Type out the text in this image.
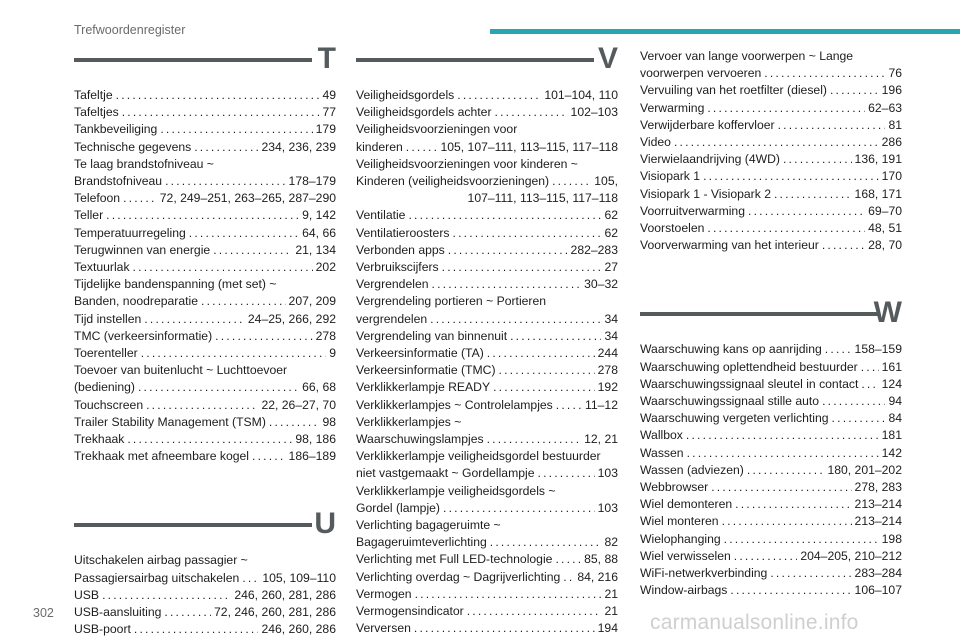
Trefwoordenregister
T
Tafeltje . . .	49
Tafeltjes . . .	77
Tankbeveiliging . . .	179
Technische gegevens . . .	234, 236, 239
Te laag brandstofniveau ~
Brandstofniveau . . .	178–179
Telefoon . . .	72, 249–251, 263–265, 287–290
Teller . . .	9, 142
Temperatuurregeling . . .	64, 66
Terugwinnen van energie . . .	21, 134
Textuurlak . . .	202
Tijdelijke bandenspanning (met set) ~
Banden, noodreparatie . . .	207, 209
Tijd instellen . . .	24–25, 266, 292
TMC (verkeersinformatie) . . .	278
Toerenteller . . .	9
Toevoer van buitenlucht ~ Luchttoevoer
(bediening) . . .	66, 68
Touchscreen . . .	22, 26–27, 70
Trailer Stability Management (TSM) . . .	98
Trekhaak . . .	98, 186
Trekhaak met afneembare kogel . . .	186–189
U
Uitschakelen airbag passagier ~
Passagiersairbag uitschakelen . . . 105, 109–110
USB . . .	246, 260, 281, 286
USB-aansluiting . . .	72, 246, 260, 281, 286
USB-poort . . .	246, 260, 286
V
Veiligheidsgordels . . .	101–104, 110
Veiligheidsgordels achter . . .	102–103
Veiligheidsvoorzieningen voor
kinderen . . .	105, 107–111, 113–115, 117–118
Veiligheidsvoorzieningen voor kinderen ~
Kinderen (veiligheidsvoorzieningen) . . .	105,
107–111, 113–115, 117–118
Ventilatie . . .	62
Ventilatieroosters . . .	62
Verbonden apps . . .	282–283
Verbruikscijfers . . .	27
Vergrendelen . . .	30–32
Vergrendeling portieren ~ Portieren
vergrendelen . . .	34
Vergrendeling van binnenuit . . .	34
Verkeersinformatie (TA) . . .	244
Verkeersinformatie (TMC) . . .	278
Verklikkerlampje READY . . .	192
Verklikkerlampjes ~ Controlelampjes . . .	11–12
Verklikkerlampjes ~
Waarschuwingslampjes . . .	12, 21
Verklikkerlampje veiligheidsgordel bestuurder
niet vastgemaakt ~ Gordellampje . . .	103
Verklikkerlampje veiligheidsgordels ~
Gordel (lampje) . . .	103
Verlichting bagageruimte ~
Bagageruimteverlichting . . .	82
Verlichting met Full LED-technologie . . .	85, 88
Verlichting overdag ~ Dagrijverlichting . . . 84, 216
Vermogen . . .	21
Vermogensindicator . . .	21
Verversen . . .	194
Vervoer van lange voorwerpen ~ Lange
voorwerpen vervoeren . . .	76
Vervuiling van het roetfilter (diesel) . . .	196
Verwarming . . .	62–63
Verwijderbare koffervloer . . .	81
Video . . .	286
Vierwielaandrijving (4WD) . . .	136, 191
Visiopark 1 . . .	170
Visiopark 1 - Visiopark 2 . . .	168, 171
Voorruitverwarming . . .	69–70
Voorstoelen . . .	48, 51
Voorverwarming van het interieur . . .	28, 70
W
Waarschuwing kans op aanrijding . . .	158–159
Waarschuwing oplettendheid bestuurder . . . 161
Waarschuwingssignaal sleutel in contact . . . 124
Waarschuwingssignaal stille auto . . .	94
Waarschuwing vergeten verlichting . . .	84
Wallbox . . .	181
Wassen . . .	142
Wassen (adviezen) . . .	180, 201–202
Webbrowser . . .	278, 283
Wiel demonteren . . .	213–214
Wiel monteren . . .	213–214
Wielophanging . . .	198
Wiel verwisselen . . .	204–205, 210–212
WiFi-netwerkverbinding . . .	283–284
Window-airbags . . .	106–107
302	carmanualsonline.info
